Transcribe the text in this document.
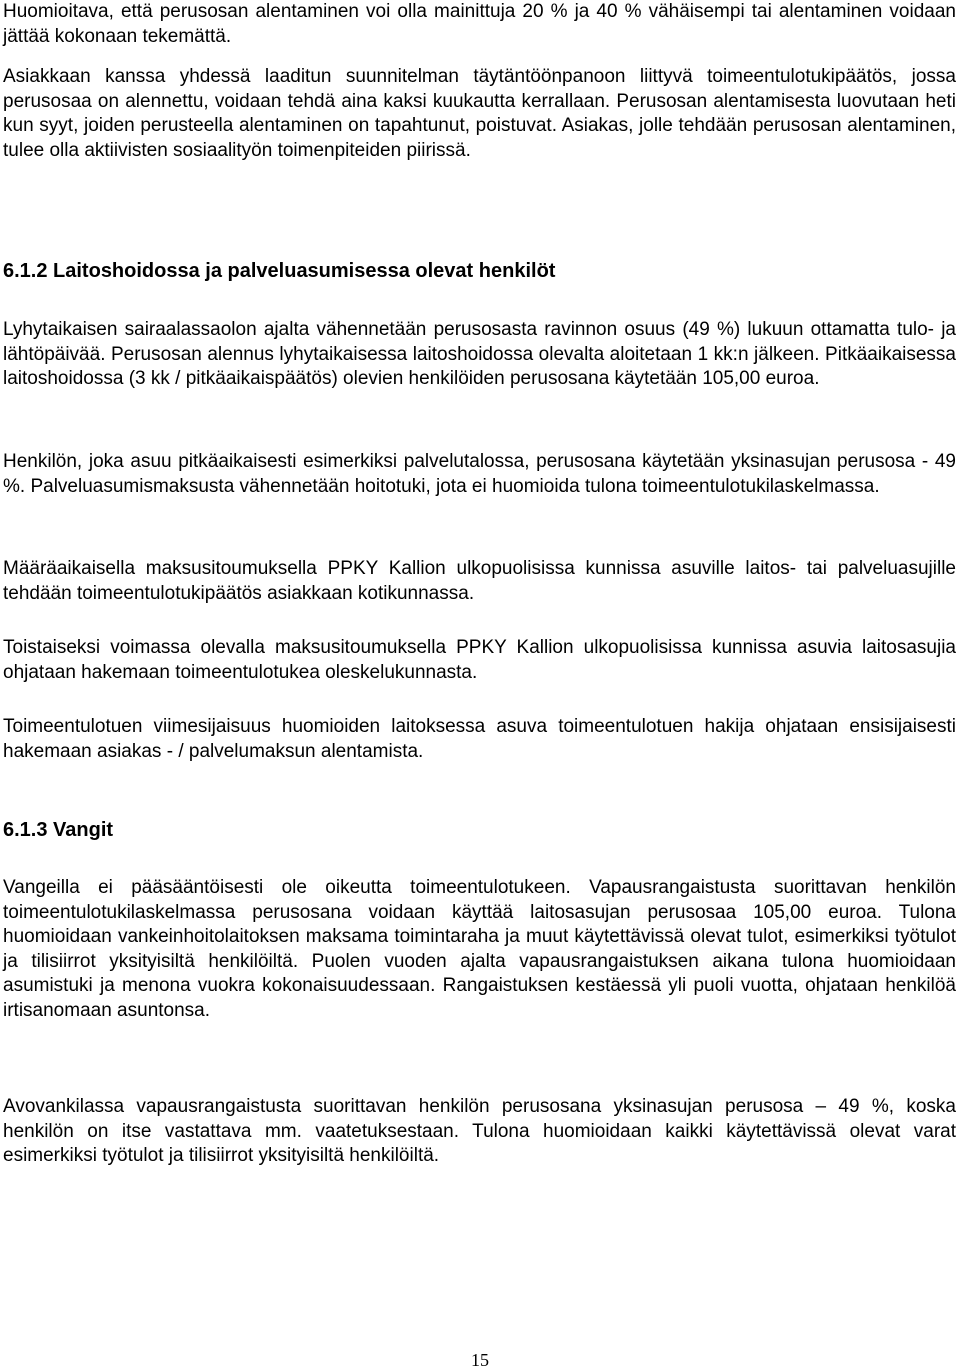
Huomioitava, että perusosan alentaminen voi olla mainittuja 20 % ja 40 % vähäisempi tai alentaminen voidaan jättää kokonaan tekemättä.

Asiakkaan kanssa yhdessä laaditun suunnitelman täytäntöönpanoon liittyvä toimeentulotukipäätös, jossa perusosaa on alennettu, voidaan tehdä aina kaksi kuukautta kerrallaan. Perusosan alentamisesta luovutaan heti kun syyt, joiden perusteella alentaminen on tapahtunut, poistuvat. Asiakas, jolle tehdään perusosan alentaminen, tulee olla aktiivisten sosiaalityön toimenpiteiden piirissä.

6.1.2 Laitoshoidossa ja palveluasumisessa olevat henkilöt

Lyhytaikaisen sairaalassaolon ajalta vähennetään perusosasta ravinnon osuus (49 %) lukuun ottamatta tulo- ja lähtöpäivää. Perusosan alennus lyhytaikaisessa laitoshoidossa olevalta aloitetaan 1 kk:n jälkeen. Pitkäaikaisessa laitoshoidossa (3 kk / pitkäaikaispäätös) olevien henkilöiden perusosana käytetään 105,00 euroa.

Henkilön, joka asuu pitkäaikaisesti esimerkiksi palvelutalossa, perusosana käytetään yksinasujan perusosa - 49 %. Palveluasumismaksusta vähennetään hoitotuki, jota ei huomioida tulona toimeentulotukilaskelmassa.

Määräaikaisella maksusitoumuksella PPKY Kallion ulkopuolisissa kunnissa asuville laitos- tai palveluasujille tehdään toimeentulotukipäätös asiakkaan kotikunnassa.

Toistaiseksi voimassa olevalla maksusitoumuksella PPKY Kallion ulkopuolisissa kunnissa asuvia laitosasujia ohjataan hakemaan toimeentulotukea oleskelukunnasta.

Toimeentulotuen viimesijaisuus huomioiden laitoksessa asuva toimeentulotuen hakija ohjataan ensisijaisesti hakemaan asiakas - / palvelumaksun alentamista.

6.1.3 Vangit

Vangeilla ei pääsääntöisesti ole oikeutta toimeentulotukeen. Vapausrangaistusta suorittavan henkilön toimeentulotukilaskelmassa perusosana voidaan käyttää laitosasujan perusosaa 105,00 euroa. Tulona huomioidaan vankeinhoitolaitoksen maksama toimintaraha ja muut käytettävissä olevat tulot, esimerkiksi työtulot ja tilisiirrot yksityisiltä henkilöiltä. Puolen vuoden ajalta vapausrangaistuksen aikana tulona huomioidaan asumistuki ja menona vuokra kokonaisuudessaan. Rangaistuksen kestäessä yli puoli vuotta, ohjataan henkilöä irtisanomaan asuntonsa.

Avovankilassa vapausrangaistusta suorittavan henkilön perusosana yksinasujan perusosa – 49 %, koska henkilön on itse vastattava mm. vaatetuksestaan. Tulona huomioidaan kaikki käytettävissä olevat varat esimerkiksi työtulot ja tilisiirrot yksityisiltä henkilöiltä.

15
